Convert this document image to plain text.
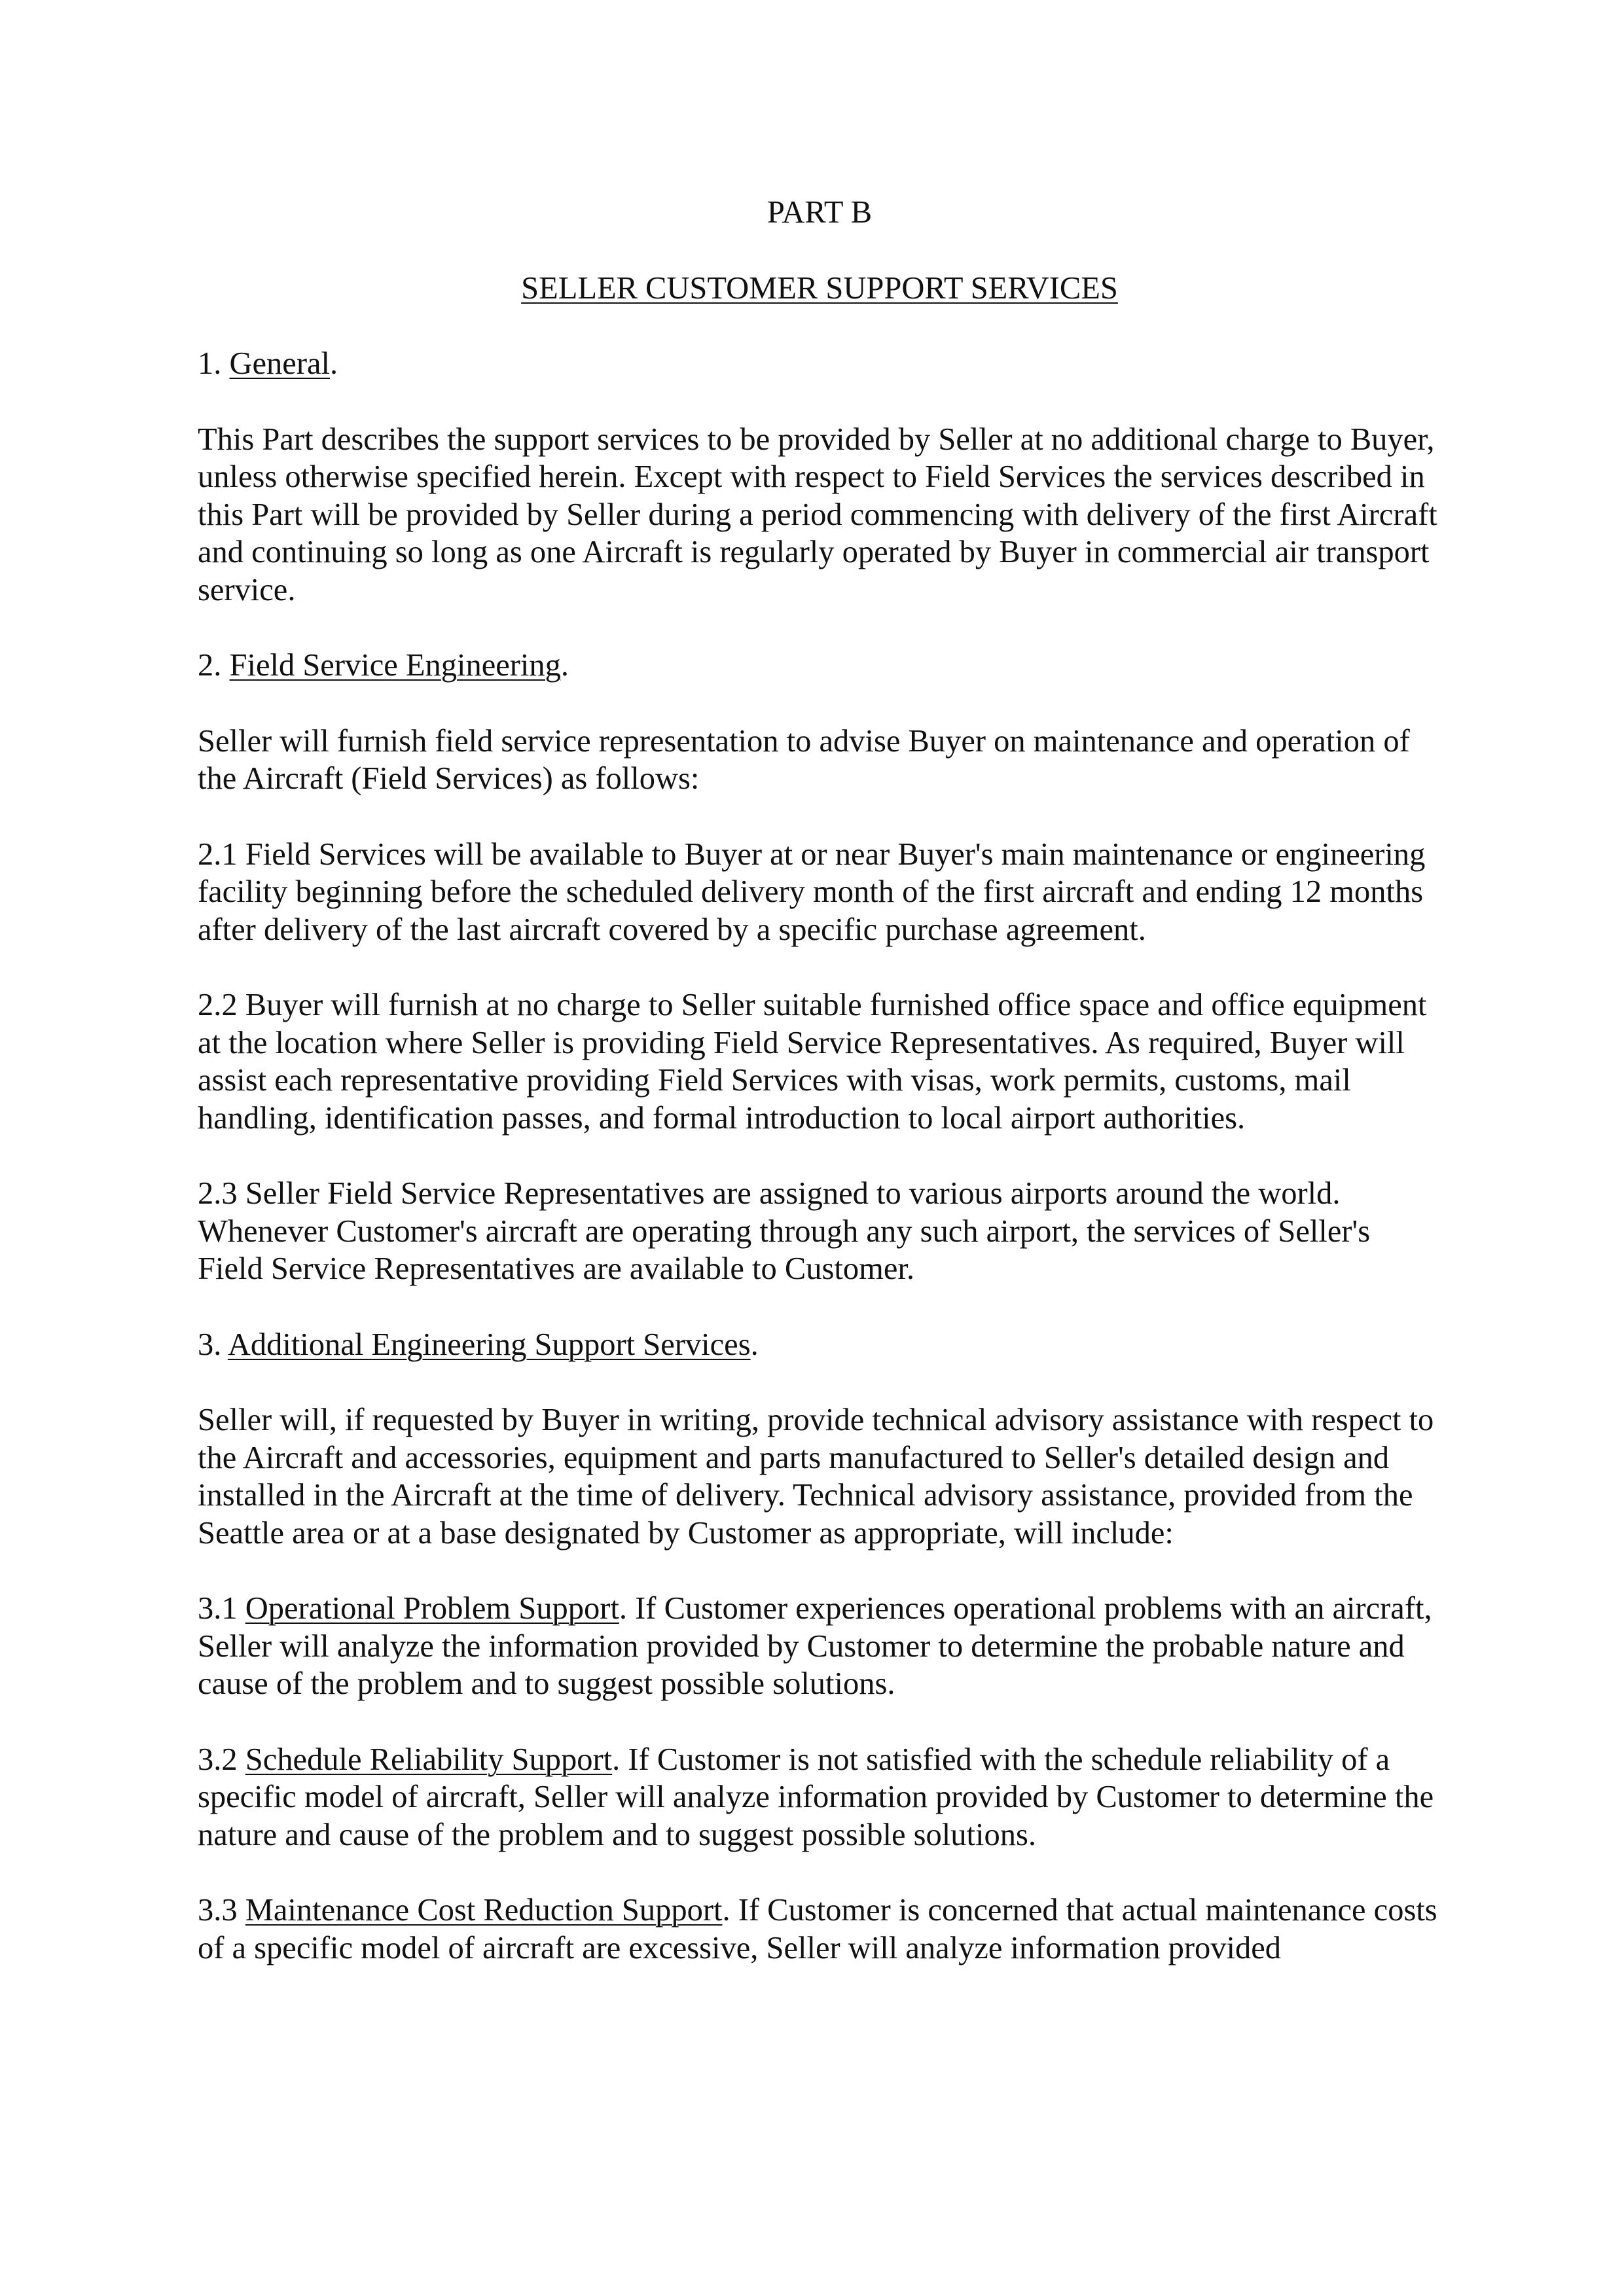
PART B
SELLER CUSTOMER SUPPORT SERVICES
1. General.
This Part describes the support services to be provided by Seller at no additional charge to Buyer, unless otherwise specified herein. Except with respect to Field Services the services described in this Part will be provided by Seller during a period commencing with delivery of the first Aircraft and continuing so long as one Aircraft is regularly operated by Buyer in commercial air transport service.
2. Field Service Engineering.
Seller will furnish field service representation to advise Buyer on maintenance and operation of the Aircraft (Field Services) as follows:
2.1 Field Services will be available to Buyer at or near Buyer's main maintenance or engineering facility beginning before the scheduled delivery month of the first aircraft and ending 12 months after delivery of the last aircraft covered by a specific purchase agreement.
2.2 Buyer will furnish at no charge to Seller suitable furnished office space and office equipment at the location where Seller is providing Field Service Representatives. As required, Buyer will assist each representative providing Field Services with visas, work permits, customs, mail handling, identification passes, and formal introduction to local airport authorities.
2.3 Seller Field Service Representatives are assigned to various airports around the world. Whenever Customer's aircraft are operating through any such airport, the services of Seller's Field Service Representatives are available to Customer.
3. Additional Engineering Support Services.
Seller will, if requested by Buyer in writing, provide technical advisory assistance with respect to the Aircraft and accessories, equipment and parts manufactured to Seller's detailed design and installed in the Aircraft at the time of delivery. Technical advisory assistance, provided from the Seattle area or at a base designated by Customer as appropriate, will include:
3.1 Operational Problem Support. If Customer experiences operational problems with an aircraft, Seller will analyze the information provided by Customer to determine the probable nature and cause of the problem and to suggest possible solutions.
3.2 Schedule Reliability Support. If Customer is not satisfied with the schedule reliability of a specific model of aircraft, Seller will analyze information provided by Customer to determine the nature and cause of the problem and to suggest possible solutions.
3.3 Maintenance Cost Reduction Support. If Customer is concerned that actual maintenance costs of a specific model of aircraft are excessive, Seller will analyze information provided
